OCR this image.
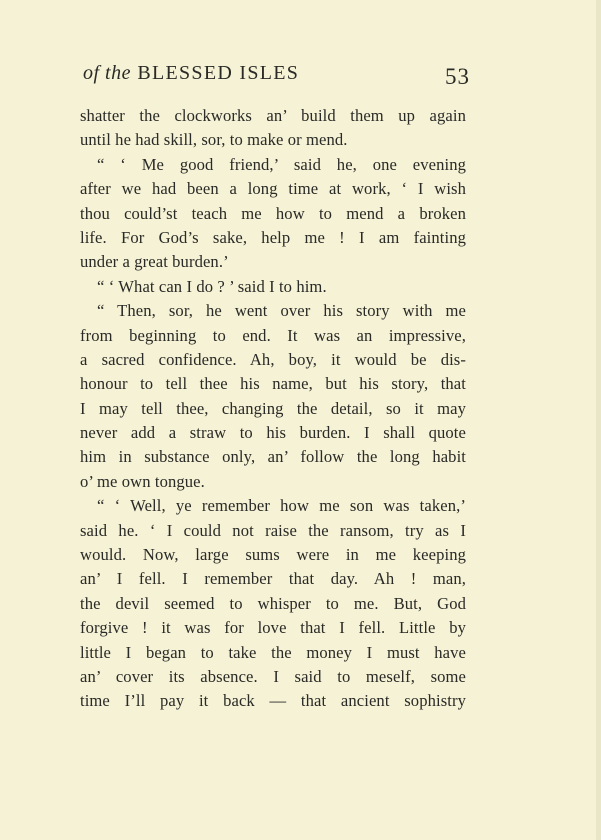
of the BLESSED ISLES	53
shatter the clockworks an’ build them up again
until he had skill, sor, to make or mend.
“ ‘ Me good friend,’ said he, one evening
after we had been a long time at work, ‘ I wish
thou could’st teach me how to mend a broken
life. For God’s sake, help me ! I am fainting
under a great burden.’
“ ‘ What can I do ? ’ said I to him.
“ Then, sor, he went over his story with me
from beginning to end. It was an impressive,
a sacred confidence. Ah, boy, it would be dis-
honour to tell thee his name, but his story, that
I may tell thee, changing the detail, so it may
never add a straw to his burden. I shall quote
him in substance only, an’ follow the long habit
o’ me own tongue.
“ ‘ Well, ye remember how me son was taken,’
said he. ‘ I could not raise the ransom, try as I
would. Now, large sums were in me keeping
an’ I fell. I remember that day. Ah ! man,
the devil seemed to whisper to me. But, God
forgive ! it was for love that I fell. Little by
little I began to take the money I must have
an’ cover its absence. I said to meself, some
time I’ll pay it back — that ancient sophistry
